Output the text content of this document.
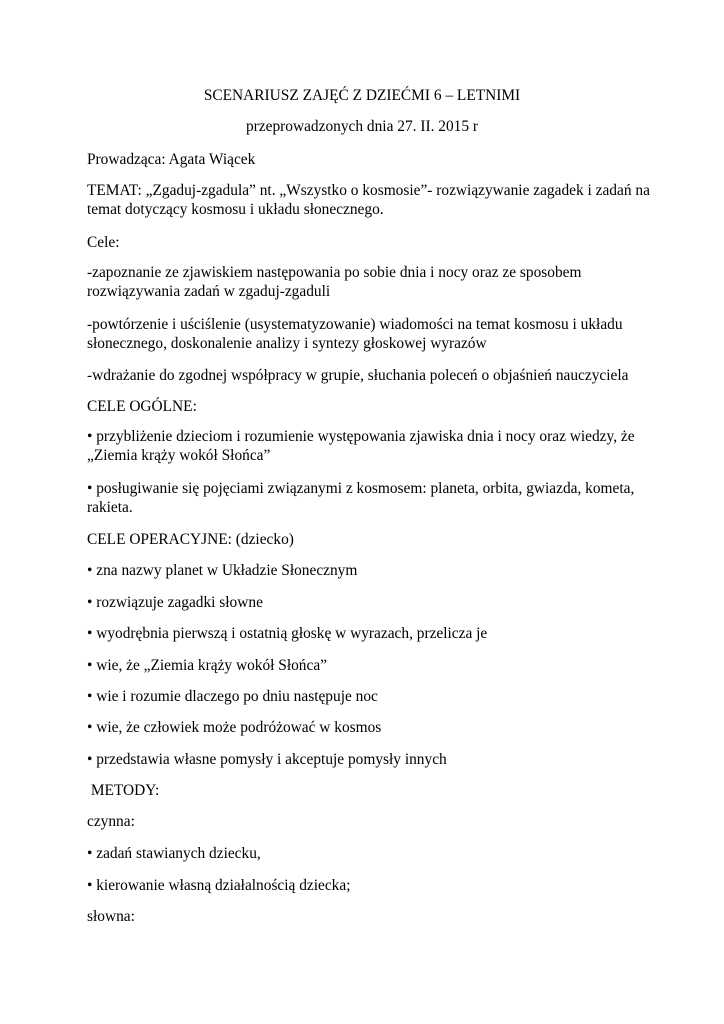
SCENARIUSZ ZAJĘĆ Z DZIEĆMI 6 – LETNIMI
przeprowadzonych dnia 27. II. 2015 r
Prowadząca: Agata Wiącek
TEMAT: „Zgaduj-zgadula” nt. „Wszystko o kosmosie”- rozwiązywanie zagadek i zadań na
temat dotyczący kosmosu i układu słonecznego.
Cele:
-zapoznanie ze zjawiskiem następowania po sobie dnia i nocy oraz ze sposobem
rozwiązywania zadań w zgaduj-zgaduli
-powtórzenie i uściślenie (usystematyzowanie) wiadomości na temat kosmosu i układu
słonecznego, doskonalenie analizy i syntezy głoskowej wyrazów
-wdrażanie do zgodnej współpracy w grupie, słuchania poleceń o objaśnień nauczyciela
CELE OGÓLNE:
• przybliżenie dzieciom i rozumienie występowania zjawiska dnia i nocy oraz wiedzy, że
„Ziemia krąży wokół Słońca”
• posługiwanie się pojęciami związanymi z kosmosem: planeta, orbita, gwiazda, kometa,
rakieta.
CELE OPERACYJNE: (dziecko)
• zna nazwy planet w Układzie Słonecznym
• rozwiązuje zagadki słowne
• wyodrębnia pierwszą i ostatnią głoskę w wyrazach, przelicza je
• wie, że „Ziemia krąży wokół Słońca”
• wie i rozumie dlaczego po dniu następuje noc
• wie, że człowiek może podróżować w kosmos
• przedstawia własne pomysły i akceptuje pomysły innych
METODY:
czynna:
• zadań stawianych dziecku,
• kierowanie własną działalnością dziecka;
słowna:
